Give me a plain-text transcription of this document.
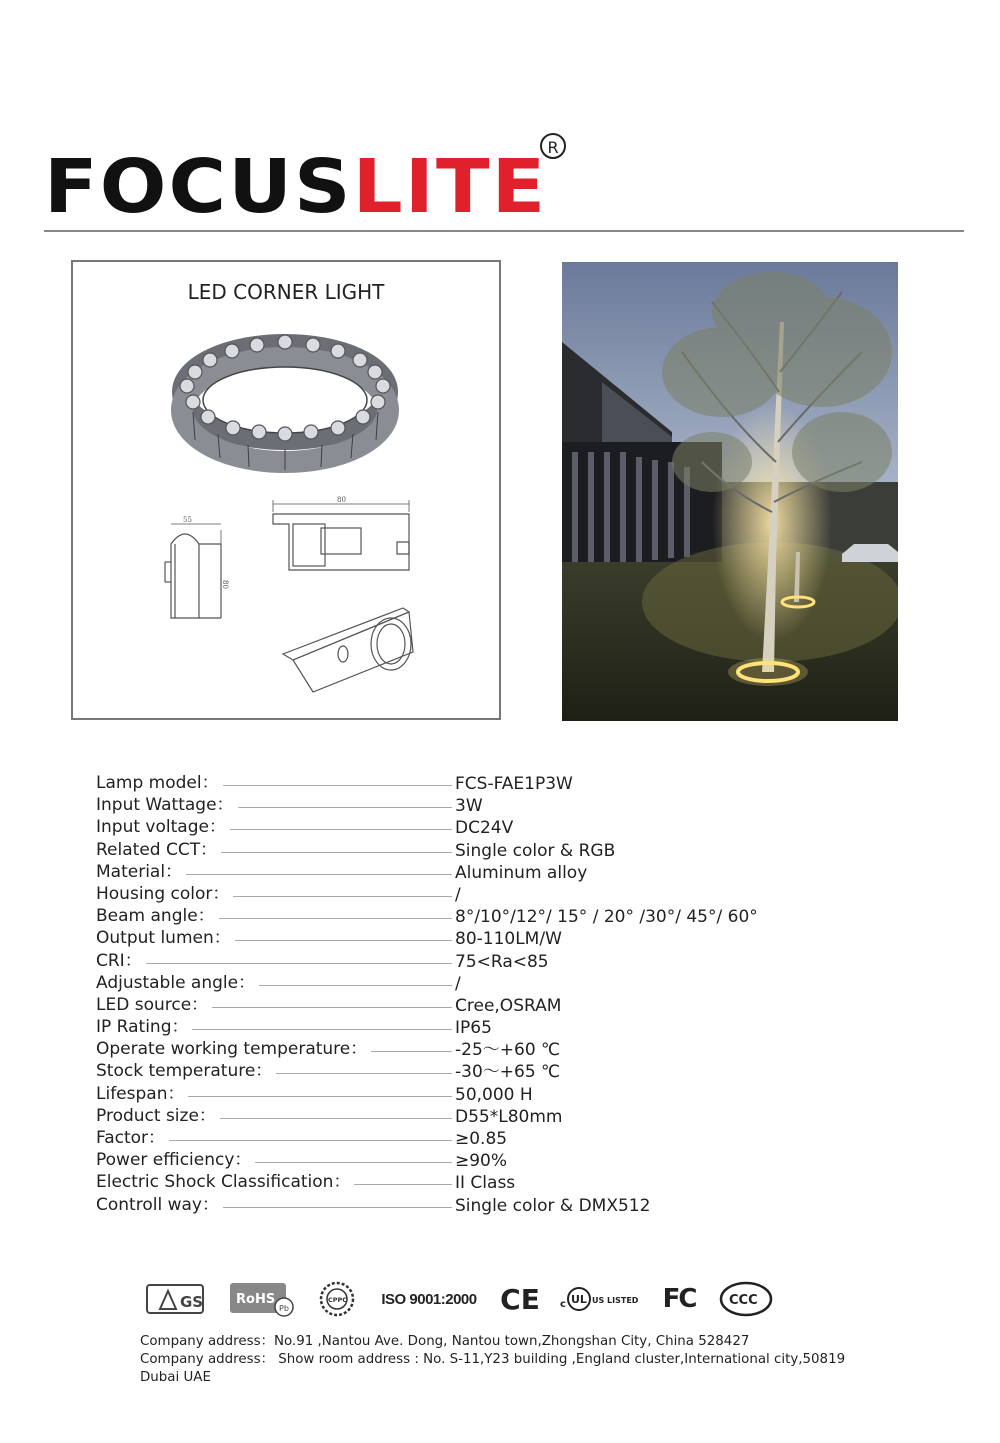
FOCUSLITE R
LED CORNER LIGHT
55
80
80
Lamp model：	FCS-FAE1P3W
Input Wattage：	3W
Input voltage：	DC24V
Related CCT：	Single color & RGB
Material：	Aluminum alloy
Housing color：	/
Beam angle：	8°/10°/12°/ 15° / 20° /30°/ 45°/ 60°
Output lumen：	80-110LM/W
CRI：	75<Ra<85
Adjustable angle：	/
LED source：	Cree,OSRAM
IP Rating：	IP65
Operate working temperature：	-25～+60 ℃
Stock temperature：	-30～+65 ℃
Lifespan：	50,000 H
Product size：	D55*L80mm
Factor：	≥0.85
Power efficiency：	≥90%
Electric Shock Classification：	II Class
Controll way：	Single color & DMX512
GS	RoHS
Pb
CPPC	ISO 9001:2000 CE c UL US LISTED FC	CCC
Company address：No.91 ,Nantou Ave. Dong, Nantou town,Zhongshan City, China 528427
Company address： Show room address : No. S-11,Y23 building ,England cluster,International city,50819 Dubai UAE
